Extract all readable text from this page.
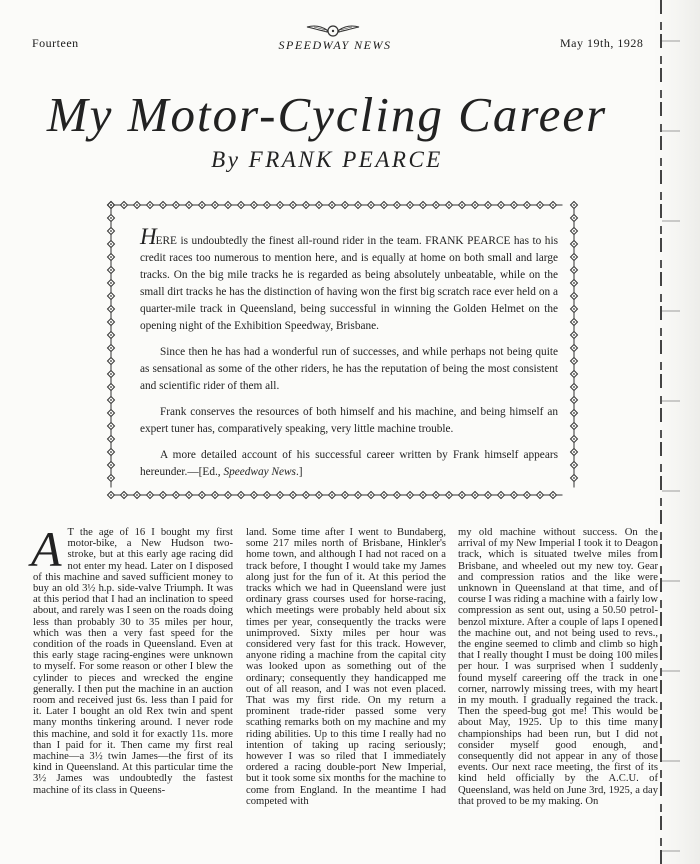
Fourteen	SPEEDWAY NEWS	May 19th, 1928
My Motor-Cycling Career
By FRANK PEARCE

HERE is undoubtedly the finest all-round rider in the team. FRANK PEARCE has to his credit races too numerous to mention here, and is equally at home on both small and large tracks. On the big mile tracks he is regarded as being absolutely unbeatable, while on the small dirt tracks he has the distinction of having won the first big scratch race ever held on a quarter-mile track in Queensland, being successful in winning the Golden Helmet on the opening night of the Exhibition Speedway, Brisbane.

Since then he has had a wonderful run of successes, and while perhaps not being quite as sensational as some of the other riders, he has the reputation of being the most consistent and scientific rider of them all.

Frank conserves the resources of both himself and his machine, and being himself an expert tuner has, comparatively speaking, very little machine trouble.

A more detailed account of his successful career written by Frank himself appears hereunder.—[Ed., Speedway News.]

A T the age of 16 I bought my first motor-bike, a New Hudson two-stroke, but at this early age racing did not enter my head. Later on I disposed of this machine and saved sufficient money to buy an old 3½ h.p. side-valve Triumph. It was at this period that I had an inclination to speed about, and rarely was I seen on the roads doing less than probably 30 to 35 miles per hour, which was then a very fast speed for the condition of the roads in Queensland. Even at this early stage racing-engines were unknown to myself. For some reason or other I blew the cylinder to pieces and wrecked the engine generally. I then put the machine in an auction room and received just 6s. less than I paid for it. Later I bought an old Rex twin and spent many months tinkering around. I never rode this machine, and sold it for exactly 11s. more than I paid for it. Then came my first real machine—a 3½ twin James—the first of its kind in Queensland. At this particular time the 3½ James was undoubtedly the fastest machine of its class in Queens-

land. Some time after I went to Bundaberg, some 217 miles north of Brisbane, Hinkler's home town, and although I had not raced on a track before, I thought I would take my James along just for the fun of it. At this period the tracks which we had in Queensland were just ordinary grass courses used for horse-racing, which meetings were probably held about six times per year, consequently the tracks were unimproved. Sixty miles per hour was considered very fast for this track. However, anyone riding a machine from the capital city was looked upon as something out of the ordinary; consequently they handicapped me out of all reason, and I was not even placed. That was my first ride. On my return a prominent trade-rider passed some very scathing remarks both on my machine and my riding abilities. Up to this time I really had no intention of taking up racing seriously; however I was so riled that I immediately ordered a racing double-port New Imperial, but it took some six months for the machine to come from England. In the meantime I had competed with

my old machine without success. On the arrival of my New Imperial I took it to Deagon track, which is situated twelve miles from Brisbane, and wheeled out my new toy. Gear and compression ratios and the like were unknown in Queensland at that time, and of course I was riding a machine with a fairly low compression as sent out, using a 50.50 petrol-benzol mixture. After a couple of laps I opened the machine out, and not being used to revs., the engine seemed to climb and climb so high that I really thought I must be doing 100 miles per hour. I was surprised when I suddenly found myself careering off the track in one corner, narrowly missing trees, with my heart in my mouth. I gradually regained the track. Then the speed-bug got me! This would be about May, 1925. Up to this time many championships had been run, but I did not consider myself good enough, and consequently did not appear in any of those events. Our next race meeting, the first of its kind held officially by the A.C.U. of Queensland, was held on June 3rd, 1925, a day that proved to be my making. On
